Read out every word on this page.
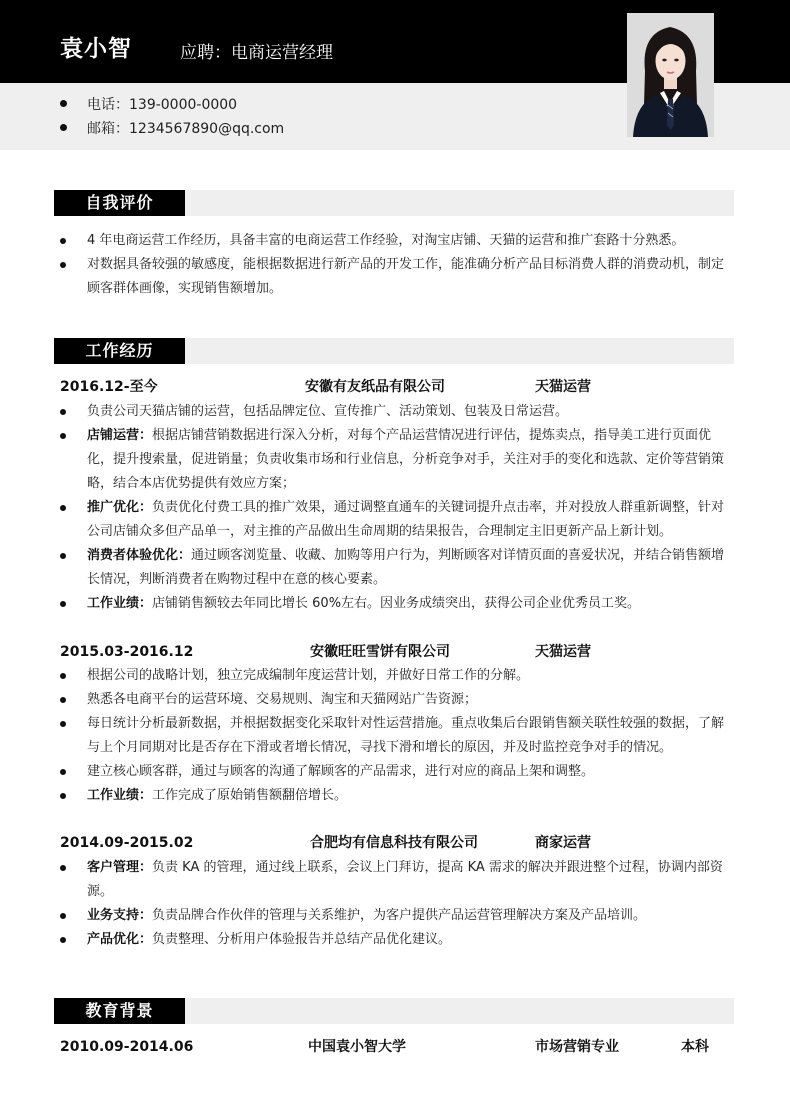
袁小智	应聘：电商运营经理
电话：139-0000-0000
邮箱：1234567890@qq.com
自我评价
4 年电商运营工作经历，具备丰富的电商运营工作经验，对淘宝店铺、天猫的运营和推广套路十分熟悉。
对数据具备较强的敏感度，能根据数据进行新产品的开发工作，能准确分析产品目标消费人群的消费动机，制定顾客群体画像，实现销售额增加。
工作经历
2016.12-至今	安徽有友纸品有限公司	天猫运营
负责公司天猫店铺的运营，包括品牌定位、宣传推广、活动策划、包装及日常运营。
店铺运营：根据店铺营销数据进行深入分析，对每个产品运营情况进行评估，提炼卖点，指导美工进行页面优化，提升搜索量，促进销量；负责收集市场和行业信息，分析竞争对手，关注对手的变化和选款、定价等营销策略，结合本店优势提供有效应方案；
推广优化：负责优化付费工具的推广效果，通过调整直通车的关键词提升点击率，并对投放人群重新调整，针对公司店铺众多但产品单一，对主推的产品做出生命周期的结果报告，合理制定主旧更新产品上新计划。
消费者体验优化：通过顾客浏览量、收藏、加购等用户行为，判断顾客对详情页面的喜爱状况，并结合销售额增长情况，判断消费者在购物过程中在意的核心要素。
工作业绩：店铺销售额较去年同比增长 60%左右。因业务成绩突出，获得公司企业优秀员工奖。
2015.03-2016.12	安徽旺旺雪饼有限公司	天猫运营
根据公司的战略计划，独立完成编制年度运营计划，并做好日常工作的分解。
熟悉各电商平台的运营环境、交易规则、淘宝和天猫网站广告资源；
每日统计分析最新数据，并根据数据变化采取针对性运营措施。重点收集后台跟销售额关联性较强的数据，了解与上个月同期对比是否存在下滑或者增长情况，寻找下滑和增长的原因，并及时监控竞争对手的情况。
建立核心顾客群，通过与顾客的沟通了解顾客的产品需求，进行对应的商品上架和调整。
工作业绩：工作完成了原始销售额翻倍增长。
2014.09-2015.02	合肥均有信息科技有限公司	商家运营
客户管理：负责 KA 的管理，通过线上联系，会议上门拜访，提高 KA 需求的解决并跟进整个过程，协调内部资源。
业务支持：负责品牌合作伙伴的管理与关系维护，为客户提供产品运营管理解决方案及产品培训。
产品优化：负责整理、分析用户体验报告并总结产品优化建议。
教育背景
2010.09-2014.06	中国袁小智大学	市场营销专业	本科
